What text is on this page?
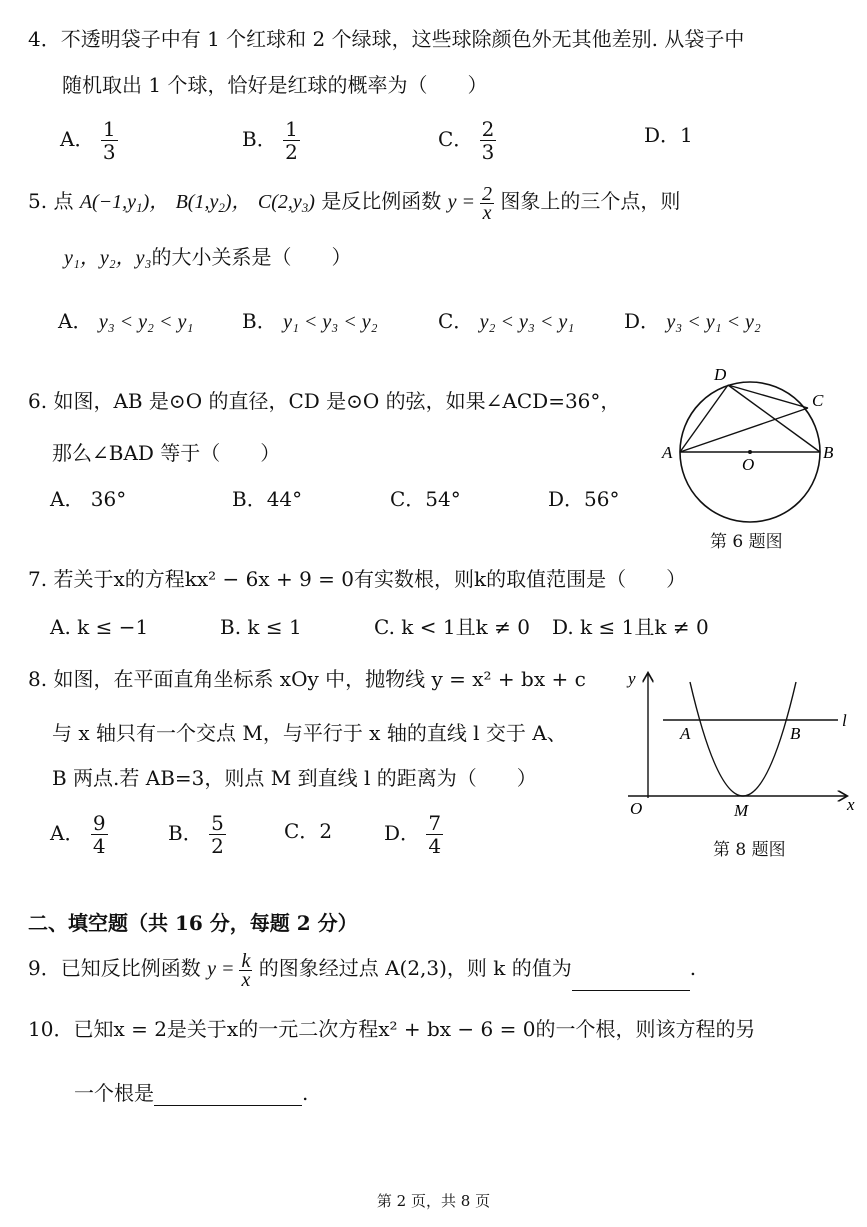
4．不透明袋子中有 1 个红球和 2 个绿球，这些球除颜色外无其他差别. 从袋子中
随机取出 1 个球，恰好是红球的概率为（　　）
A． $\frac{1}{3}$	B． $\frac{1}{2}$	C． $\frac{2}{3}$	D．1
5. 点 $A(-1,y_1)$， $B(1,y_2)$， $C(2,y_3)$ 是反比例函数 $y = \frac{2}{x}$ 图象上的三个点，则
y₁，y₂，y₃的大小关系是（　　）
A． y₃ < y₂ < y₁ B． y₁ < y₃ < y₂	C． y₂ < y₃ < y₁ D． y₃ < y₁ < y₂
6. 如图，AB 是⊙O 的直径，CD 是⊙O 的弦，如果∠ACD=36°，
那么∠BAD 等于（　　）
A． 36°	B．44°	C．54°	D．56°
D
C
A
O
B
第 6 题图
7. 若关于x的方程kx² − 6x + 9 = 0有实数根，则k的取值范围是（　　）
A. k ≤ −1	B. k ≤ 1	C. k < 1且k ≠ 0 D. k ≤ 1且k ≠ 0
8. 如图，在平面直角坐标系 xOy 中，抛物线 y = x² + bx + c
与 x 轴只有一个交点 M，与平行于 x 轴的直线 l 交于 A、
B 两点.若 AB=3，则点 M 到直线 l 的距离为（　　）
A． $\frac{9}{4}$	B． $\frac{5}{2}$	C．2	D． $\frac{7}{4}$
y
l
A	B
O	M	x
第 8 题图
二、填空题（共 16 分，每题 2 分）
9．已知反比例函数 $y = \frac{k}{x}$ 的图象经过点 A(2,3)，则 k 的值为	.
10．已知x = 2是关于x的一元二次方程x² + bx − 6 = 0的一个根，则该方程的另
一个根是	.
第 2 页，共 8 页
